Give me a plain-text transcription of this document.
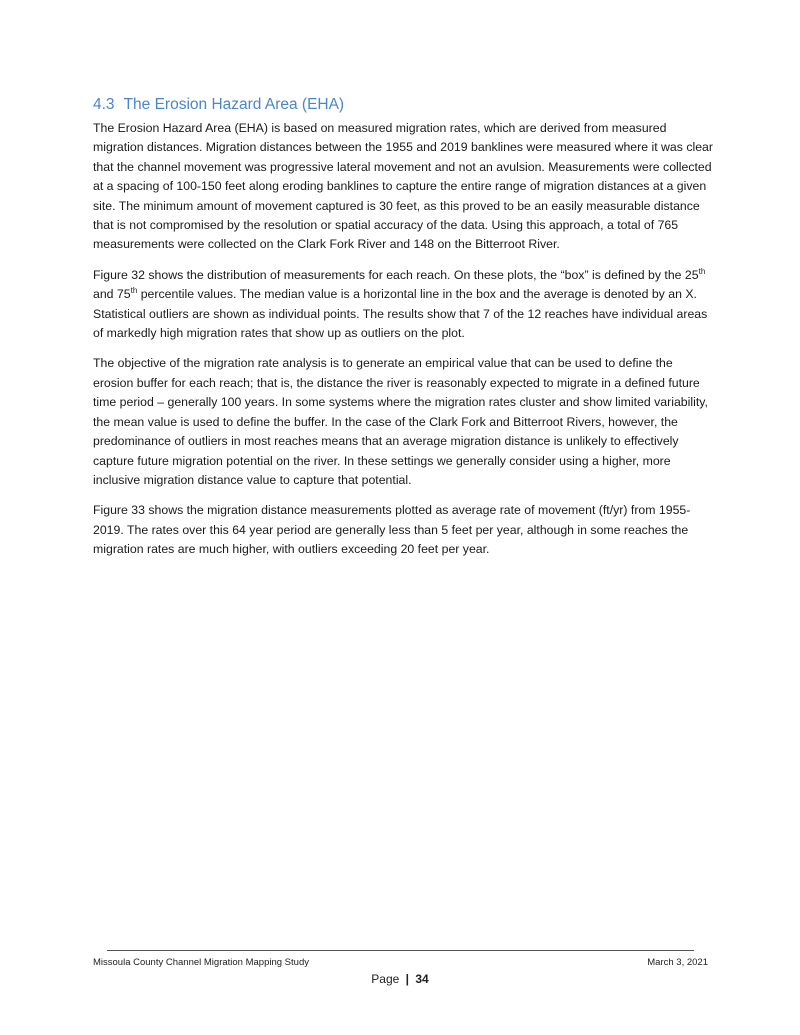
4.3 The Erosion Hazard Area (EHA)

The Erosion Hazard Area (EHA) is based on measured migration rates, which are derived from measured migration distances. Migration distances between the 1955 and 2019 banklines were measured where it was clear that the channel movement was progressive lateral movement and not an avulsion. Measurements were collected at a spacing of 100-150 feet along eroding banklines to capture the entire range of migration distances at a given site. The minimum amount of movement captured is 30 feet, as this proved to be an easily measurable distance that is not compromised by the resolution or spatial accuracy of the data. Using this approach, a total of 765 measurements were collected on the Clark Fork River and 148 on the Bitterroot River.

Figure 32 shows the distribution of measurements for each reach. On these plots, the “box” is defined by the 25th and 75th percentile values. The median value is a horizontal line in the box and the average is denoted by an X. Statistical outliers are shown as individual points. The results show that 7 of the 12 reaches have individual areas of markedly high migration rates that show up as outliers on the plot.

The objective of the migration rate analysis is to generate an empirical value that can be used to define the erosion buffer for each reach; that is, the distance the river is reasonably expected to migrate in a defined future time period – generally 100 years. In some systems where the migration rates cluster and show limited variability, the mean value is used to define the buffer. In the case of the Clark Fork and Bitterroot Rivers, however, the predominance of outliers in most reaches means that an average migration distance is unlikely to effectively capture future migration potential on the river. In these settings we generally consider using a higher, more inclusive migration distance value to capture that potential.

Figure 33 shows the migration distance measurements plotted as average rate of movement (ft/yr) from 1955-2019. The rates over this 64 year period are generally less than 5 feet per year, although in some reaches the migration rates are much higher, with outliers exceeding 20 feet per year.

Missoula County Channel Migration Mapping Study	March 3, 2021
Page | 34
